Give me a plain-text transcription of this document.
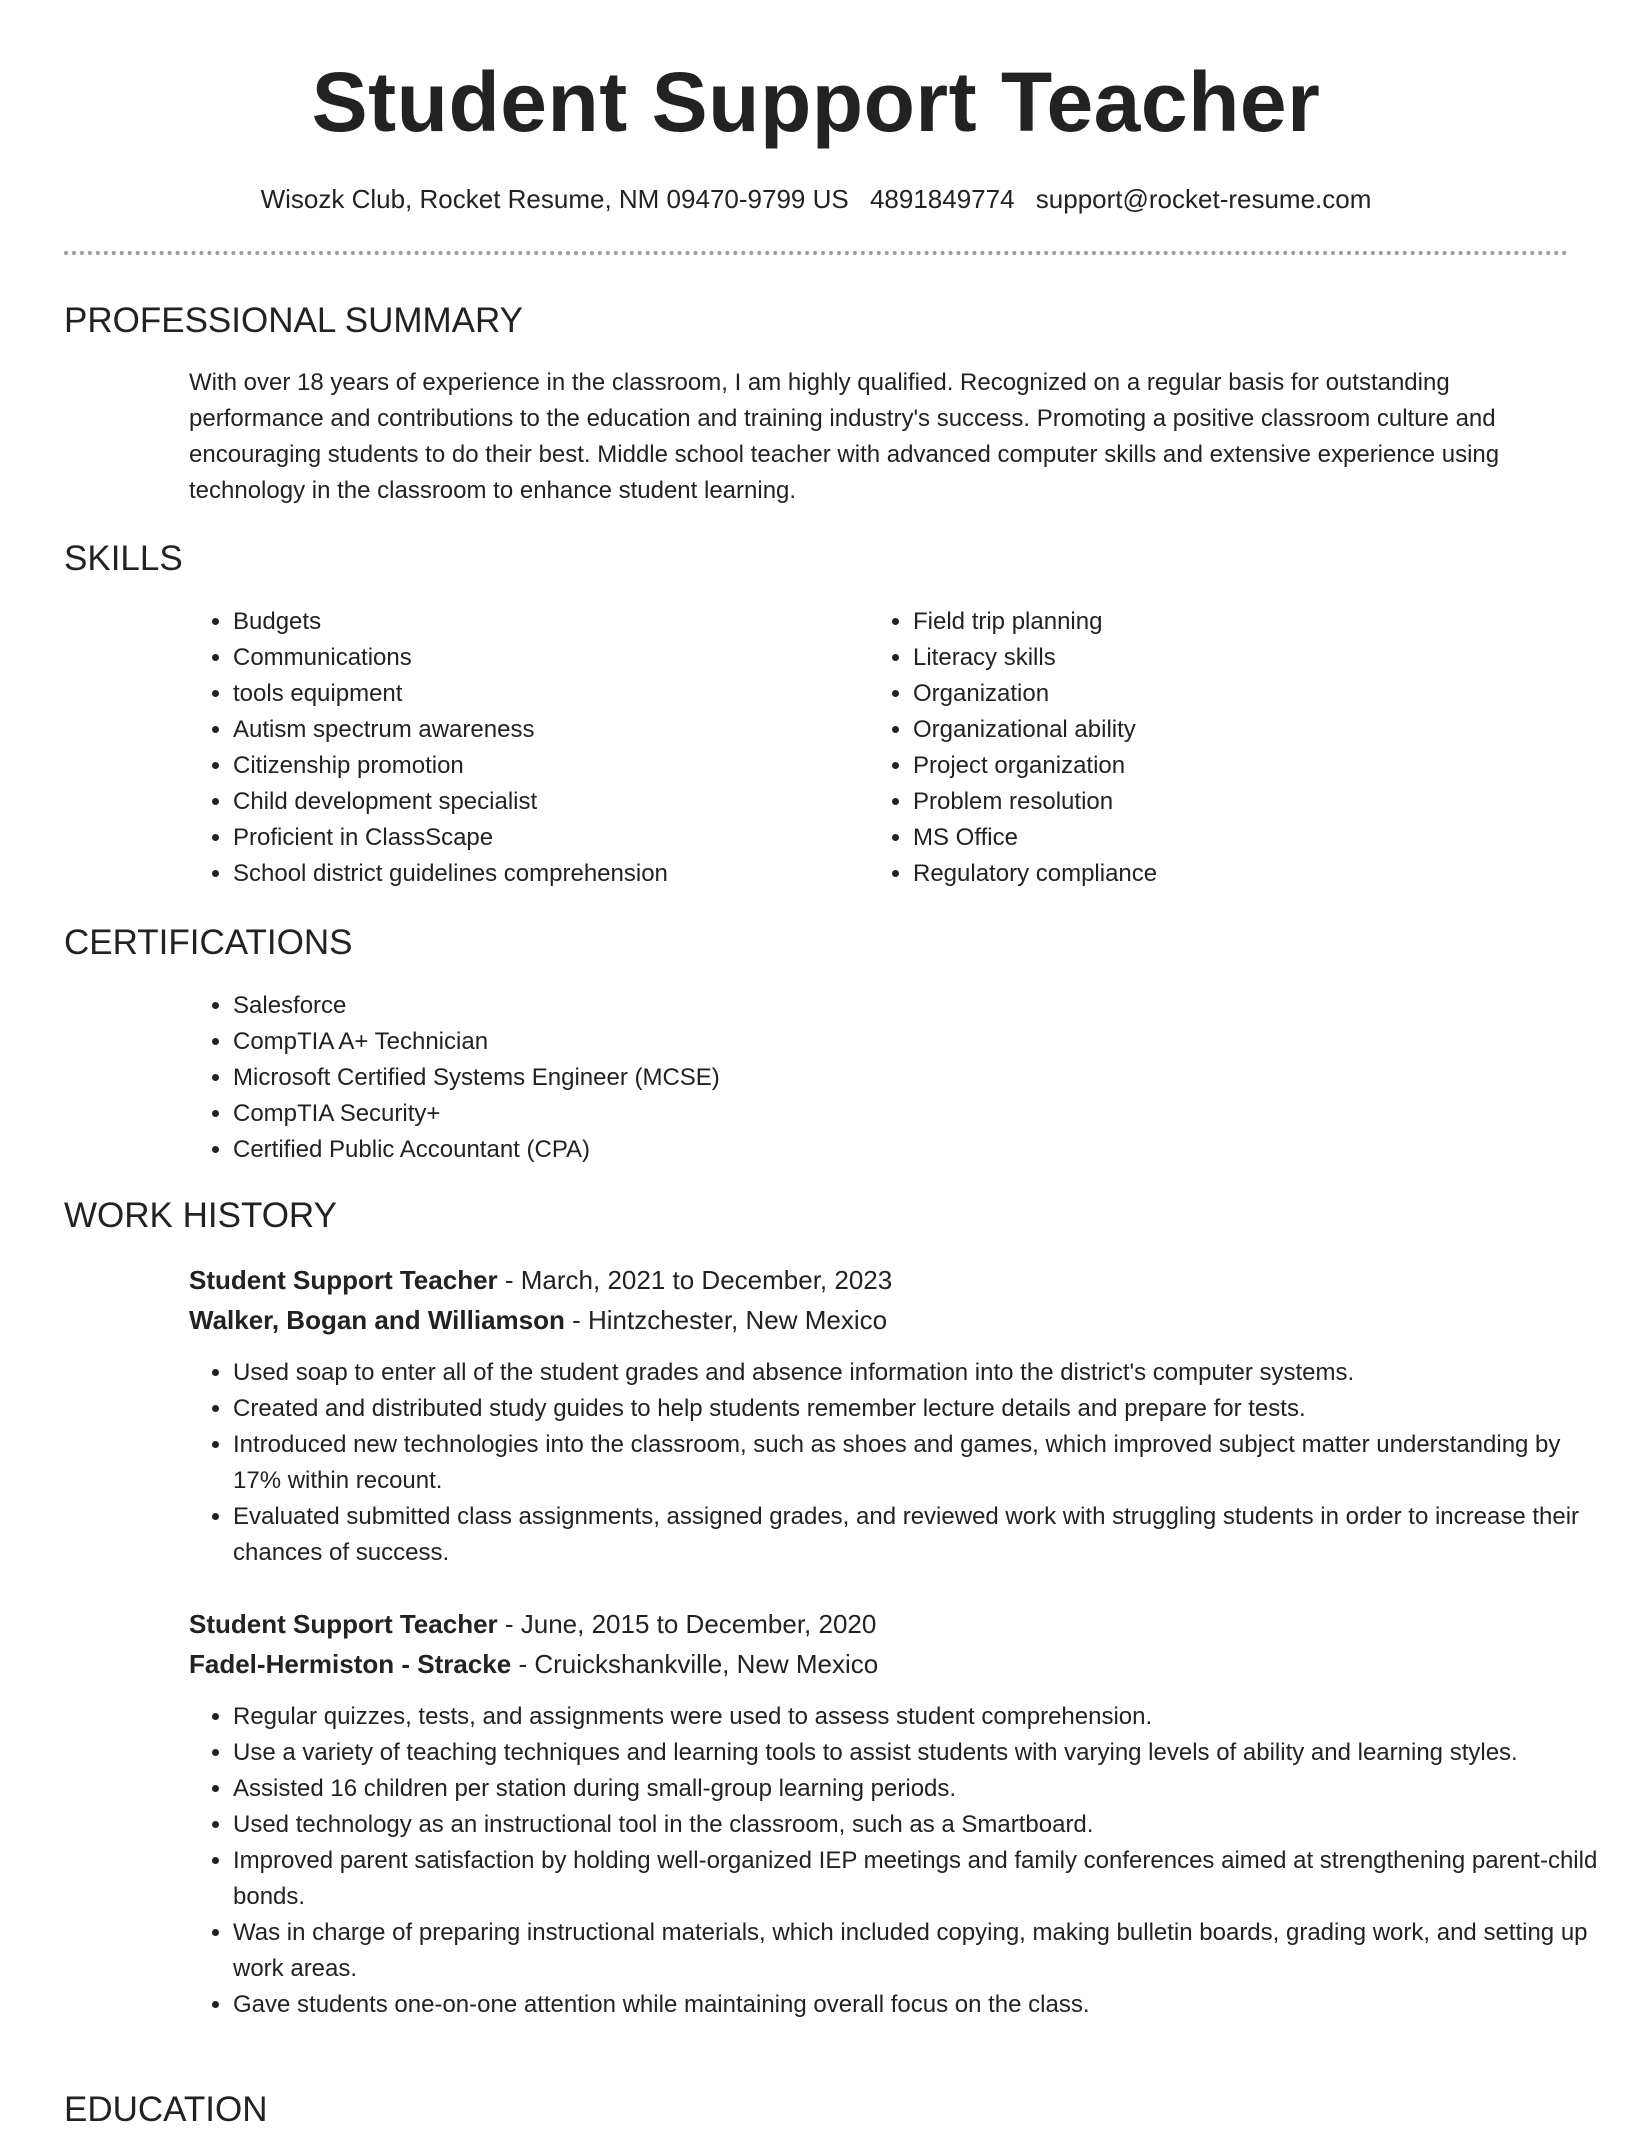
Student Support Teacher
Wisozk Club, Rocket Resume, NM 09470-9799 US 4891849774 support@rocket-resume.com
PROFESSIONAL SUMMARY

With over 18 years of experience in the classroom, I am highly qualified. Recognized on a regular basis for outstanding performance and contributions to the education and training industry's success. Promoting a positive classroom culture and encouraging students to do their best. Middle school teacher with advanced computer skills and extensive experience using technology in the classroom to enhance student learning.

SKILLS
• Budgets
• Communications
• tools equipment
• Autism spectrum awareness
• Citizenship promotion
• Child development specialist
• Proficient in ClassScape
• School district guidelines comprehension
• Field trip planning
• Literacy skills
• Organization
• Organizational ability
• Project organization
• Problem resolution
• MS Office
• Regulatory compliance
CERTIFICATIONS
• Salesforce
• CompTIA A+ Technician
• Microsoft Certified Systems Engineer (MCSE)
• CompTIA Security+
• Certified Public Accountant (CPA)
WORK HISTORY
Student Support Teacher - March, 2021 to December, 2023
Walker, Bogan and Williamson - Hintzchester, New Mexico
• Used soap to enter all of the student grades and absence information into the district's computer systems.
• Created and distributed study guides to help students remember lecture details and prepare for tests.
• Introduced new technologies into the classroom, such as shoes and games, which improved subject matter understanding by 17% within recount.
• Evaluated submitted class assignments, assigned grades, and reviewed work with struggling students in order to increase their chances of success.
Student Support Teacher - June, 2015 to December, 2020
Fadel-Hermiston - Stracke - Cruickshankville, New Mexico
• Regular quizzes, tests, and assignments were used to assess student comprehension.
• Use a variety of teaching techniques and learning tools to assist students with varying levels of ability and learning styles.
• Assisted 16 children per station during small-group learning periods.
• Used technology as an instructional tool in the classroom, such as a Smartboard.
• Improved parent satisfaction by holding well-organized IEP meetings and family conferences aimed at strengthening parent-child bonds.
• Was in charge of preparing instructional materials, which included copying, making bulletin boards, grading work, and setting up work areas.
• Gave students one-on-one attention while maintaining overall focus on the class.
EDUCATION
